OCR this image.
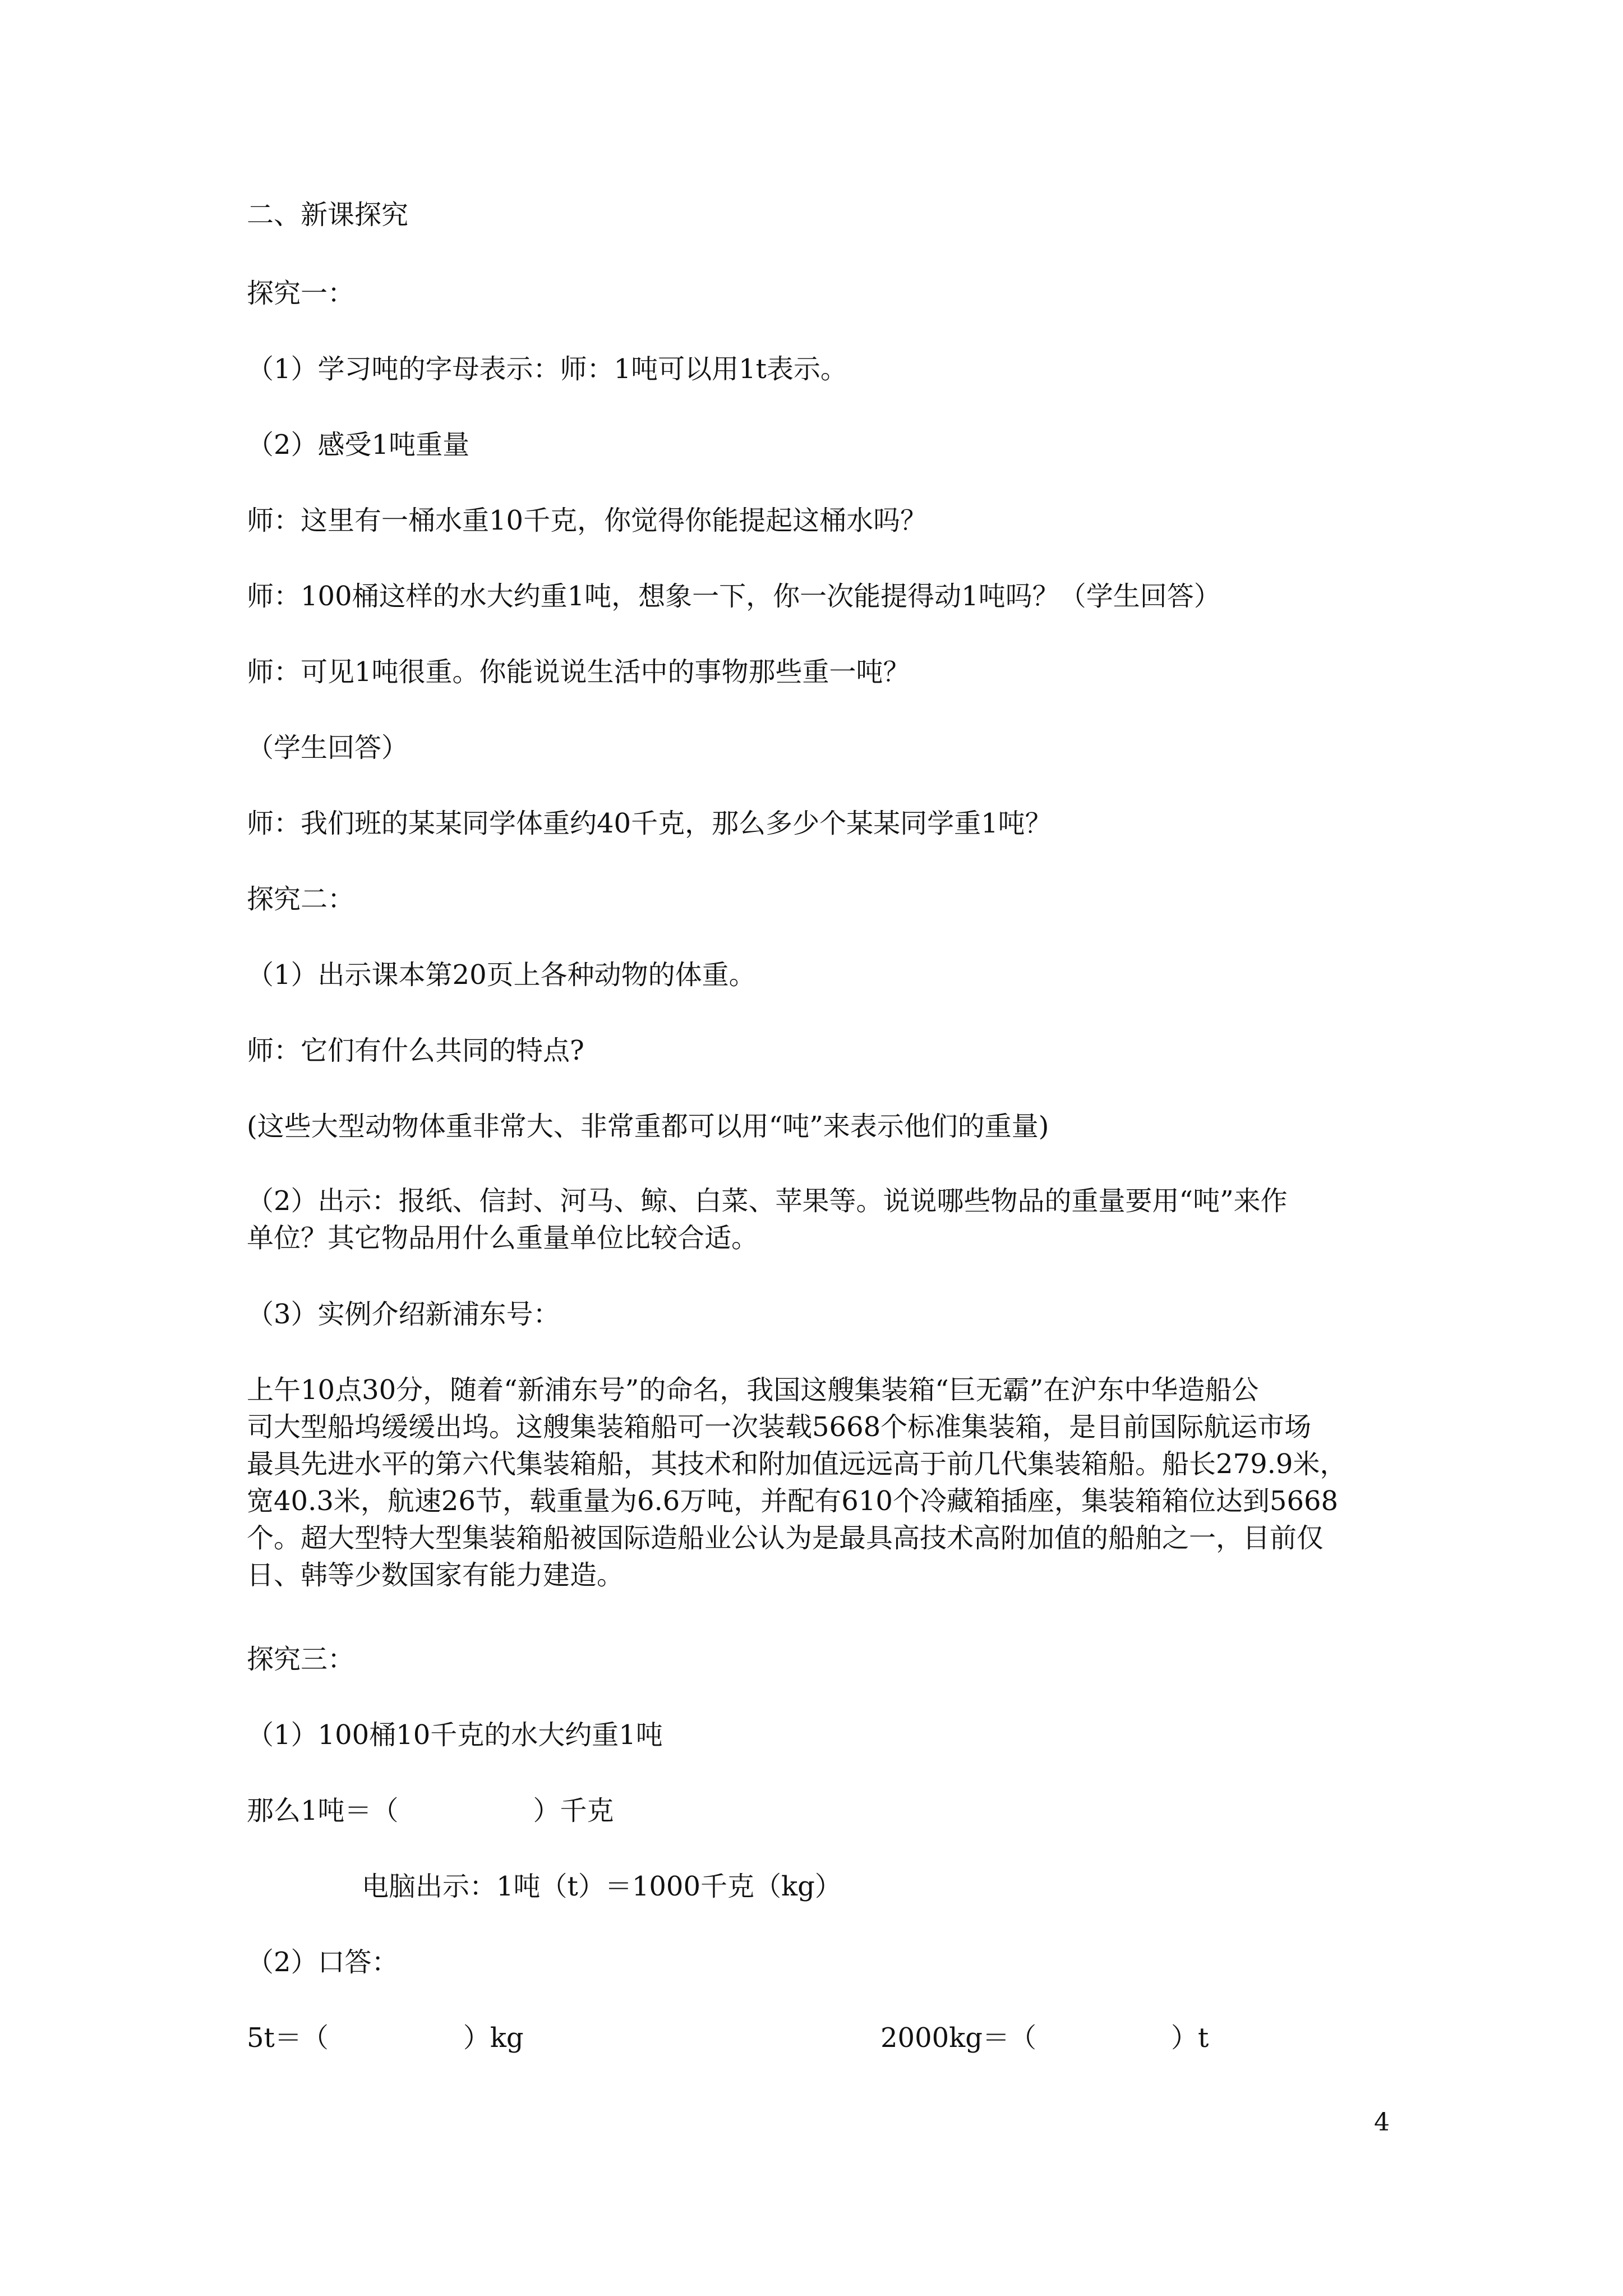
二、新课探究

探究一：

（1）学习吨的字母表示：师：1吨可以用1t表示。

（2）感受1吨重量

师：这里有一桶水重10千克，你觉得你能提起这桶水吗？

师：100桶这样的水大约重1吨，想象一下，你一次能提得动1吨吗？（学生回答）

师：可见1吨很重。你能说说生活中的事物那些重一吨？

（学生回答）

师：我们班的某某同学体重约40千克，那么多少个某某同学重1吨？

探究二：

（1）出示课本第20页上各种动物的体重。

师：它们有什么共同的特点?

(这些大型动物体重非常大、非常重都可以用“吨”来表示他们的重量)

（2）出示：报纸、信封、河马、鲸、白菜、苹果等。说说哪些物品的重量要用“吨”来作
单位？其它物品用什么重量单位比较合适。

（3）实例介绍新浦东号：

上午10点30分，随着“新浦东号”的命名，我国这艘集装箱“巨无霸”在沪东中华造船公
司大型船坞缓缓出坞。这艘集装箱船可一次装载5668个标准集装箱，是目前国际航运市场
最具先进水平的第六代集装箱船，其技术和附加值远远高于前几代集装箱船。船长279.9米，
宽40.3米，航速26节，载重量为6.6万吨，并配有610个冷藏箱插座，集装箱箱位达到5668
个。超大型特大型集装箱船被国际造船业公认为是最具高技术高附加值的船舶之一，目前仅
日、韩等少数国家有能力建造。

探究三：

（1）100桶10千克的水大约重1吨

那么1吨＝（　　　　　）千克

电脑出示：1吨（t）＝1000千克（kg）

（2）口答：

5t＝（　　　　　）kg	2000kg＝（　　　　　）t

4
